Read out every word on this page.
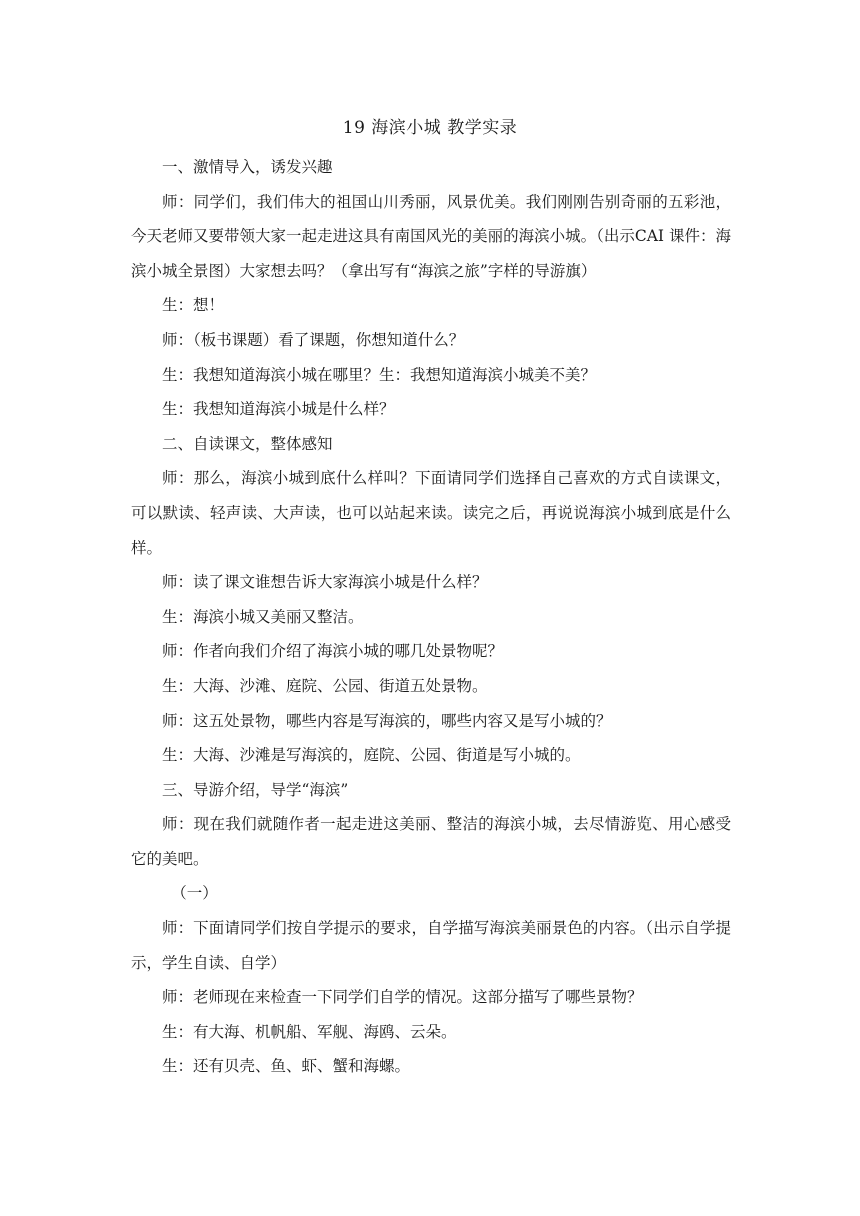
19 海滨小城 教学实录

一、激情导入，诱发兴趣

师：同学们，我们伟大的祖国山川秀丽，风景优美。我们刚刚告别奇丽的五彩池，今天老师又要带领大家一起走进这具有南国风光的美丽的海滨小城。（出示CAI 课件：海滨小城全景图）大家想去吗？（拿出写有“海滨之旅”字样的导游旗）

生：想！

师：（板书课题）看了课题，你想知道什么？

生：我想知道海滨小城在哪里？生：我想知道海滨小城美不美？

生：我想知道海滨小城是什么样？

二、自读课文，整体感知

师：那么，海滨小城到底什么样叫？下面请同学们选择自己喜欢的方式自读课文，可以默读、轻声读、大声读，也可以站起来读。读完之后，再说说海滨小城到底是什么样。

师：读了课文谁想告诉大家海滨小城是什么样？

生：海滨小城又美丽又整洁。

师：作者向我们介绍了海滨小城的哪几处景物呢？

生：大海、沙滩、庭院、公园、街道五处景物。

师：这五处景物，哪些内容是写海滨的，哪些内容又是写小城的？

生：大海、沙滩是写海滨的，庭院、公园、街道是写小城的。

三、导游介绍，导学“海滨”

师：现在我们就随作者一起走进这美丽、整洁的海滨小城，去尽情游览、用心感受它的美吧。

（一）

师：下面请同学们按自学提示的要求，自学描写海滨美丽景色的内容。（出示自学提示，学生自读、自学）

师：老师现在来检查一下同学们自学的情况。这部分描写了哪些景物？

生：有大海、机帆船、军舰、海鸥、云朵。

生：还有贝壳、鱼、虾、蟹和海螺。
